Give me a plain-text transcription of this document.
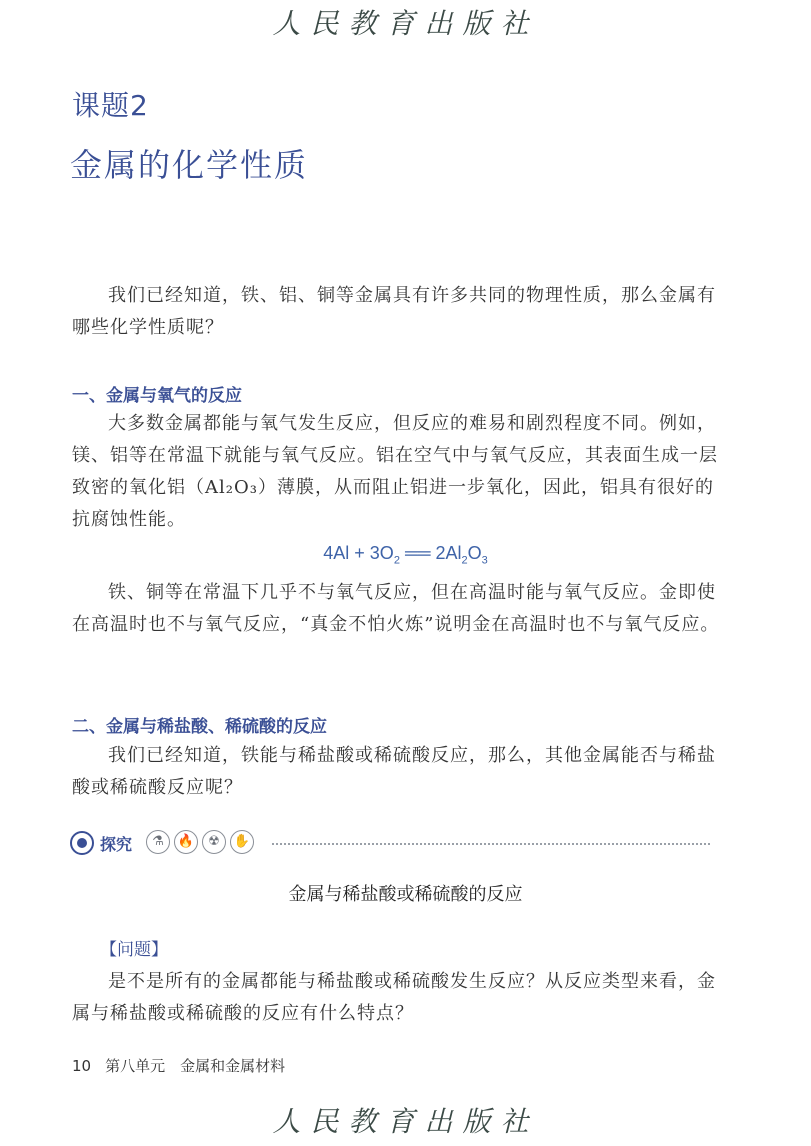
人民教育出版社
课题2
金属的化学性质
我们已经知道，铁、铝、铜等金属具有许多共同的物理性质，那么金属有哪些化学性质呢？
一、金属与氧气的反应
大多数金属都能与氧气发生反应，但反应的难易和剧烈程度不同。例如，镁、铝等在常温下就能与氧气反应。铝在空气中与氧气反应，其表面生成一层致密的氧化铝（Al₂O₃）薄膜，从而阻止铝进一步氧化，因此，铝具有很好的抗腐蚀性能。
$4Al + 3O_2$ ══ $2Al_2O_3$
铁、铜等在常温下几乎不与氧气反应，但在高温时能与氧气反应。金即使在高温时也不与氧气反应，“真金不怕火炼”说明金在高温时也不与氧气反应。
二、金属与稀盐酸、稀硫酸的反应
我们已经知道，铁能与稀盐酸或稀硫酸反应，那么，其他金属能否与稀盐酸或稀硫酸反应呢？
探究	⚗	🔥	☢	✋
金属与稀盐酸或稀硫酸的反应
【问题】
是不是所有的金属都能与稀盐酸或稀硫酸发生反应？从反应类型来看，金属与稀盐酸或稀硫酸的反应有什么特点？
10 第八单元　金属和金属材料
人民教育出版社
